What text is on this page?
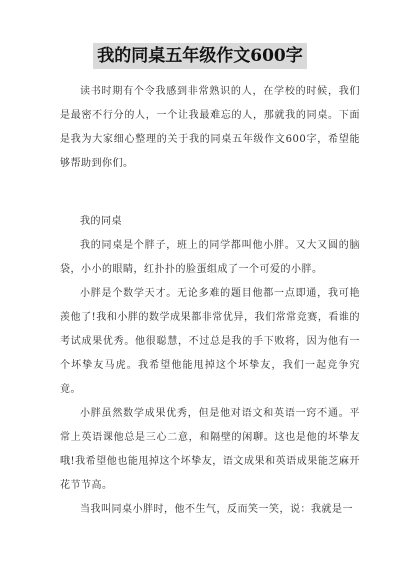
我的同桌五年级作文600字

读书时期有个令我感到非常熟识的人，在学校的时候，我们是最密不行分的人，一个让我最难忘的人，那就我的同桌。下面是我为大家细心整理的关于我的同桌五年级作文600字，希望能够帮助到你们。

我的同桌

我的同桌是个胖子，班上的同学都叫他小胖。又大又圆的脑袋，小小的眼睛，红扑扑的脸蛋组成了一个可爱的小胖。

小胖是个数学天才。无论多难的题目他都一点即通，我可艳羡他了!我和小胖的数学成果都非常优异，我们常常竞赛，看谁的考试成果优秀。他很聪慧，不过总是我的手下败将，因为他有一个坏挚友马虎。我希望他能甩掉这个坏挚友，我们一起竞争究竟。

小胖虽然数学成果优秀，但是他对语文和英语一窍不通。平常上英语课他总是三心二意，和隔壁的闲聊。这也是他的坏挚友哦!我希望他也能甩掉这个坏挚友，语文成果和英语成果能芝麻开花节节高。

当我叫同桌小胖时，他不生气，反而笑一笑，说：我就是一
